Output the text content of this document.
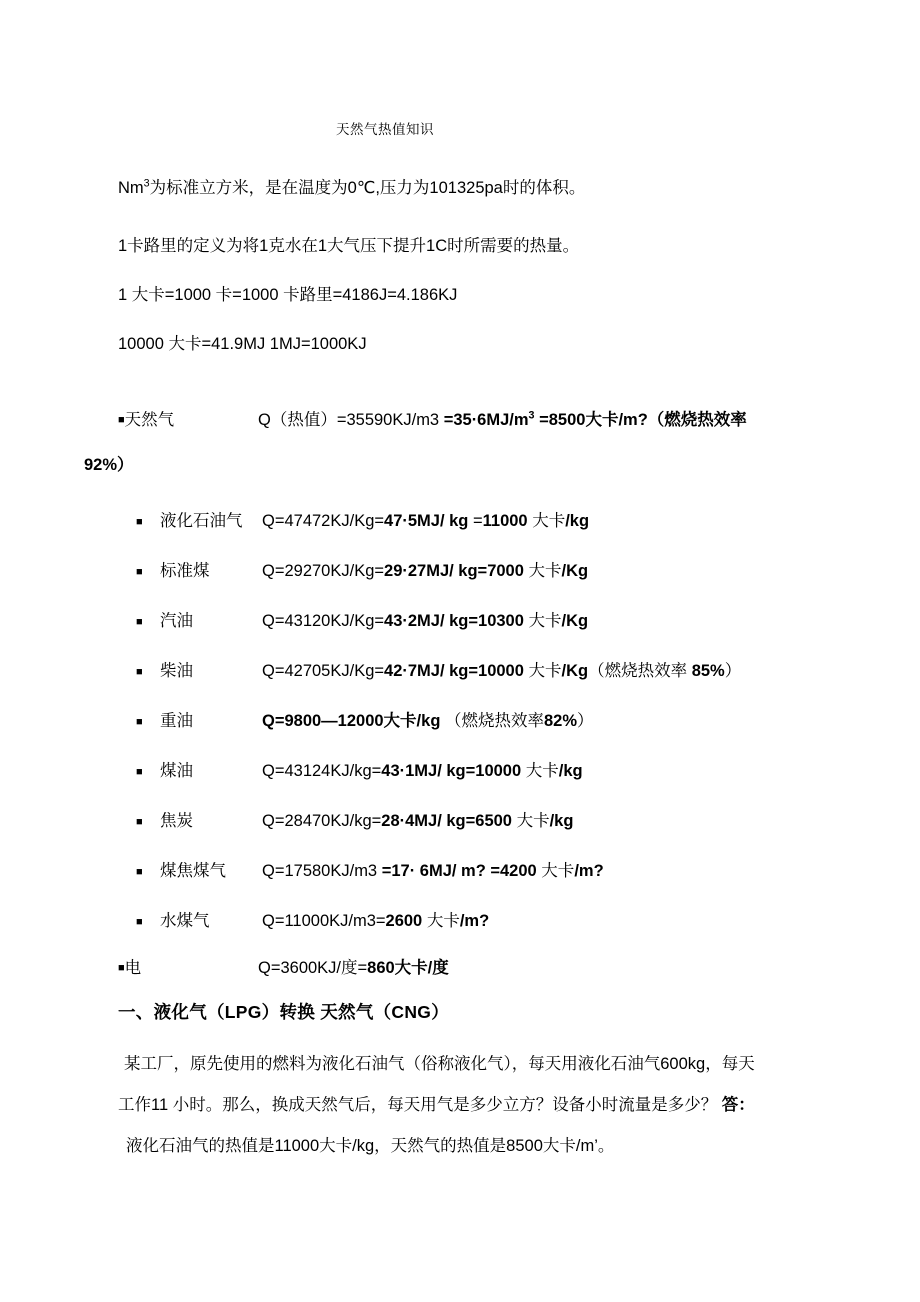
天然气热值知识
Nm$^3$为标准立方米，是在温度为0℃,压力为101325pa时的体积。
1卡路里的定义为将1克水在1大气压下提升1C时所需要的热量。
1 大卡=1000 卡=1000 卡路里=4186J=4.186KJ
10000 大卡=41.9MJ 1MJ=1000KJ
■天然气	Q（热值）$=35590KJ/m3 =35\cdot 6MJ/m^3 =8500$大卡/m?（燃烧热效率
92%）
■ 液化石油气 Q=47472KJ/Kg=47·5MJ/ kg =11000 大卡/kg
■ 标准煤	Q=29270KJ/Kg=29·27MJ/ kg=7000 大卡/Kg
■ 汽油	Q=43120KJ/Kg=43·2MJ/ kg=10300 大卡/Kg
■ 柴油	Q=42705KJ/Kg=42·7MJ/ kg=10000 大卡/Kg（燃烧热效率 85%）
■ 重油	Q=9800—12000大卡/kg （燃烧热效率82%）
■ 煤油	Q=43124KJ/kg=43·1MJ/ kg=10000 大卡/kg
■ 焦炭	Q=28470KJ/kg=28·4MJ/ kg=6500 大卡/kg
■ 煤焦煤气 Q=17580KJ/m3 =17· 6MJ/ m? =4200 大卡/m?
■ 水煤气	Q=11000KJ/m3=2600 大卡/m?
■电	Q=3600KJ/度=860大卡/度
一、液化气（LPG）转换 天然气（CNG）
某工厂，原先使用的燃料为液化石油气（俗称液化气），每天用液化石油气600kg，每天
工作11 小时。那么，换成天然气后，每天用气是多少立方？设备小时流量是多少？ 答：
液化石油气的热值是11000大卡/kg，天然气的热值是8500大卡/m’。
